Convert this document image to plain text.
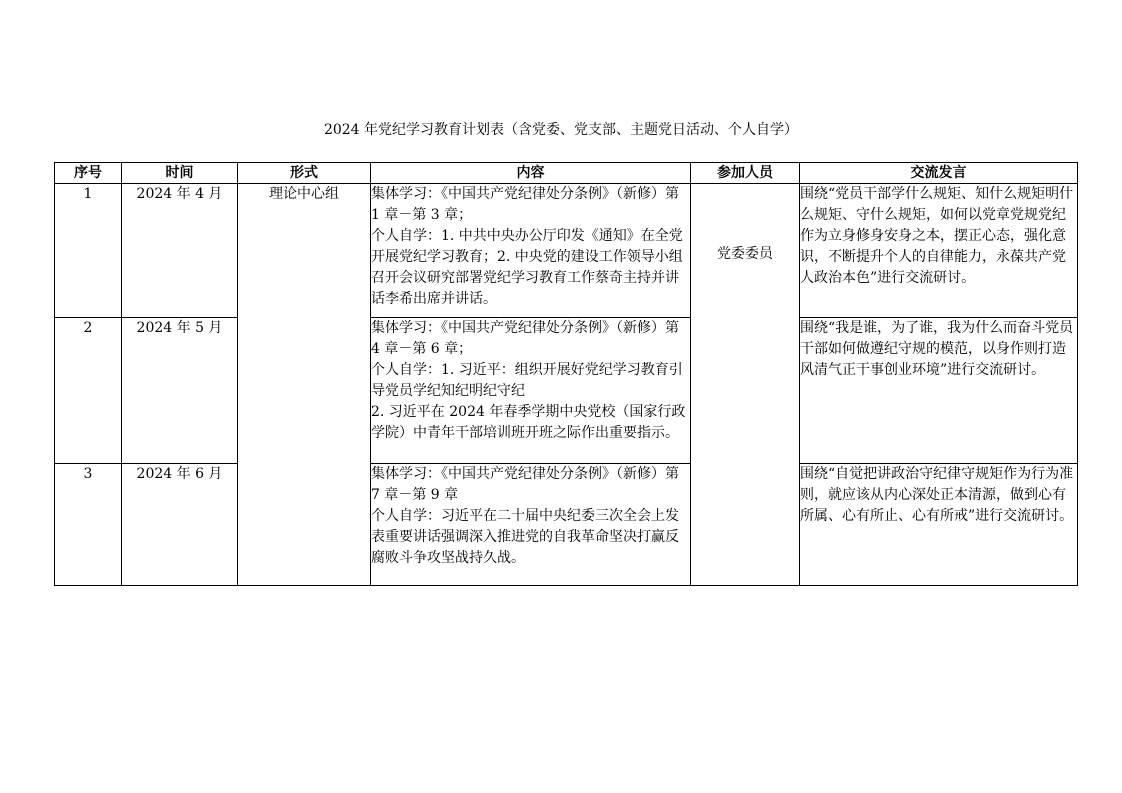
2024 年党纪学习教育计划表（含党委、党支部、主题党日活动、个人自学）
序号	时间	形式	内容	参加人员	交流发言
1	2024 年 4 月	理论中心组	集体学习：《中国共产党纪律处分条例》（新修）第 1 章－第 3 章；
个人自学：1. 中共中央办公厅印发《通知》在全党开展党纪学习教育；2. 中央党的建设工作领导小组召开会议研究部署党纪学习教育工作蔡奇主持并讲话李希出席并讲话。	党委委员	围绕“党员干部学什么规矩、知什么规矩明什么规矩、守什么规矩，如何以党章党规党纪作为立身修身安身之本，摆正心态，强化意识，不断提升个人的自律能力，永葆共产党人政治本色”进行交流研讨。
2	2024 年 5 月		集体学习：《中国共产党纪律处分条例》（新修）第 4 章－第 6 章；
个人自学：1. 习近平：组织开展好党纪学习教育引导党员学纪知纪明纪守纪
2. 习近平在 2024 年春季学期中央党校（国家行政学院）中青年干部培训班开班之际作出重要指示。		围绕“我是谁，为了谁，我为什么而奋斗党员干部如何做遵纪守规的模范，以身作则打造风清气正干事创业环境”进行交流研讨。
3	2024 年 6 月		集体学习：《中国共产党纪律处分条例》（新修）第 7 章－第 9 章
个人自学：习近平在二十届中央纪委三次全会上发表重要讲话强调深入推进党的自我革命坚决打赢反腐败斗争攻坚战持久战。		围绕“自觉把讲政治守纪律守规矩作为行为准则，就应该从内心深处正本清源，做到心有所属、心有所止、心有所戒”进行交流研讨。
